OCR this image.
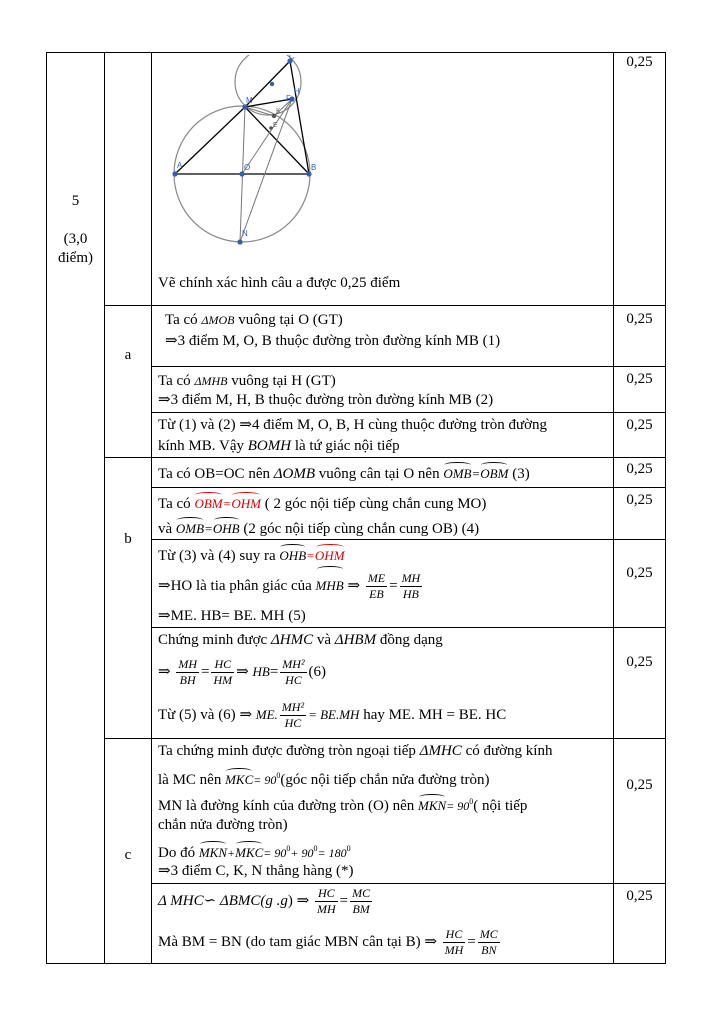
5
(3,0
điểm)
A	B
C
H
M
O
N
F
K
E
Vẽ chính xác hình câu a được 0,25 điểm
0,25
a
Ta có ΔMOB vuông tại O (GT)
⇒3 điểm M, O, B thuộc đường tròn đường kính MB (1)
0,25
Ta có ΔMHB vuông tại H (GT)
⇒3 điểm M, H, B thuộc đường tròn đường kính MB (2)
0,25
Từ (1) và (2) ⇒4 điểm M, O, B, H cùng thuộc đường tròn đường
kính MB. Vậy BOMH là tứ giác nội tiếp
0,25
b
Ta có OB=OC nên ΔOMB vuông cân tại O nên OMB=OBM (3)	0,25
Ta có OBM=OHM ( 2 góc nội tiếp cùng chắn cung MO)
và OMB=OHB (2 góc nội tiếp cùng chắn cung OB) (4)
0,25
Từ (3) và (4) suy ra OHB=OHM
⇒HO là tia phân giác của MHB ⇒ $\frac{ME}{EB} = \frac{MH}{HB}$
⇒ME. HB= BE. MH (5)
0,25
Chứng minh được ΔHMC và ΔHBM đồng dạng
⇒ $\frac{MH}{BH} = \frac{HC}{HM}$ ⇒ $HB= \frac{\text{MH²}}{HC} (6)$
Từ (5) và (6) ⇒ ME. $\frac{\text{MH²}}{HC} = BE.MH$ hay ME. MH = BE. HC
0,25
c
Ta chứng minh được đường tròn ngoại tiếp ΔMHC có đường kính
là MC nên $MKC= 90^0(góc$ nội tiếp chắn nửa đường tròn)
MN là đường kính của đường tròn (O) nên $MKN= 90^0$( nội tiếp
chắn nửa đường tròn)
Do đó $MKN+MKC= 90^0+ 90^0= 180^0$
⇒3 điểm C, K, N thẳng hàng (*)
0,25
Δ MHC∽ ΔBMC(g .g) ⇒ $\frac{HC}{MH} = \frac{MC}{BM}$
Mà BM = BN (do tam giác MBN cân tại B) ⇒ $\frac{HC}{MH} = \frac{MC}{BN}$
0,25
